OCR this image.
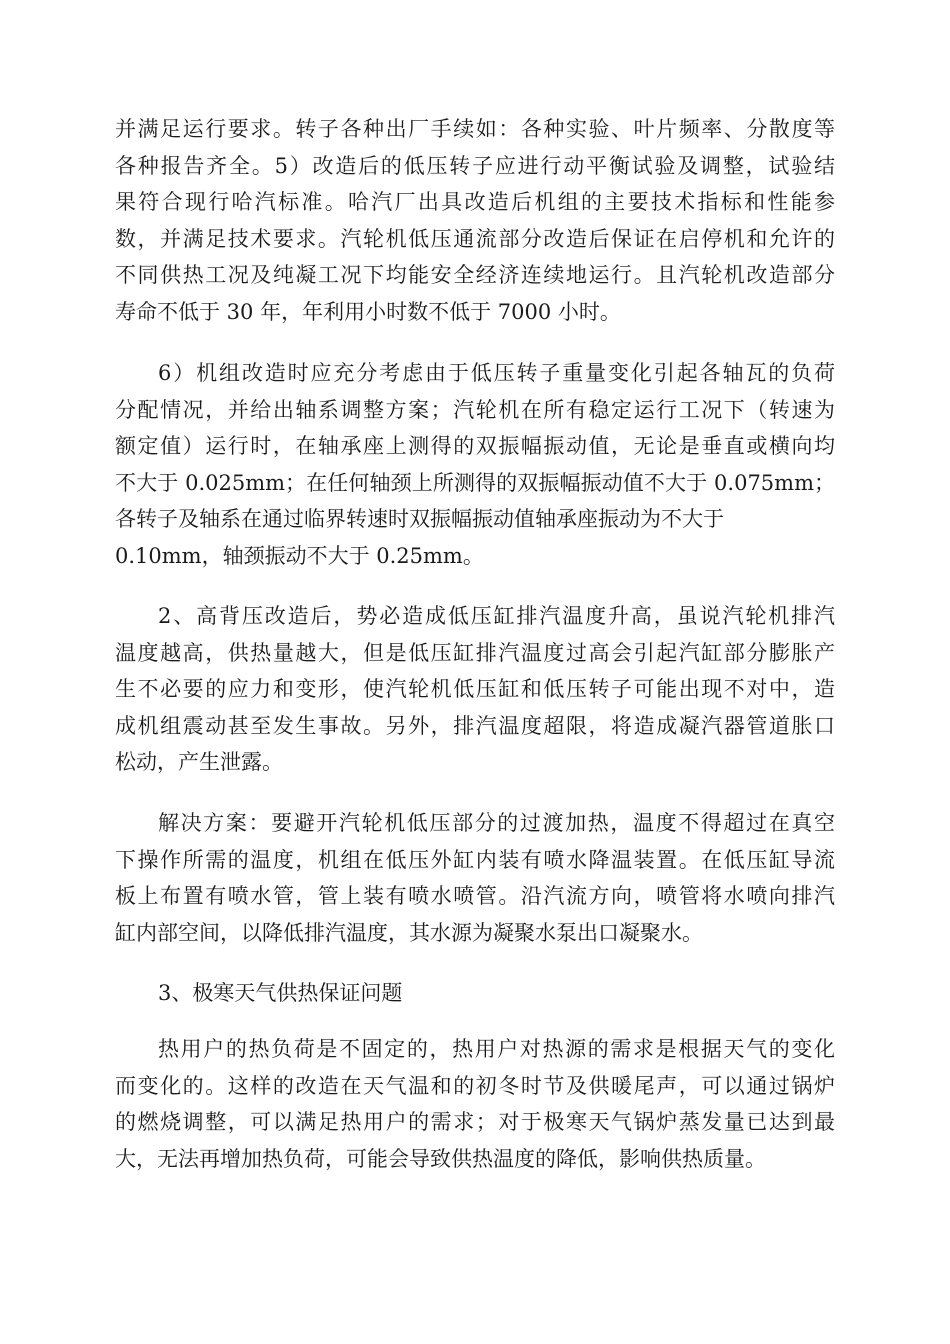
并满足运行要求。转子各种出厂手续如：各种实验、叶片频率、分散度等
各种报告齐全。5）改造后的低压转子应进行动平衡试验及调整，试验结
果符合现行哈汽标准。哈汽厂出具改造后机组的主要技术指标和性能参
数，并满足技术要求。汽轮机低压通流部分改造后保证在启停机和允许的
不同供热工况及纯凝工况下均能安全经济连续地运行。且汽轮机改造部分
寿命不低于 30 年，年利用小时数不低于 7000 小时。
6）机组改造时应充分考虑由于低压转子重量变化引起各轴瓦的负荷
分配情况，并给出轴系调整方案；汽轮机在所有稳定运行工况下（转速为
额定值）运行时，在轴承座上测得的双振幅振动值，无论是垂直或横向均
不大于 0.025mm；在任何轴颈上所测得的双振幅振动值不大于 0.075mm；
各转子及轴系在通过临界转速时双振幅振动值轴承座振动为不大于
0.10mm，轴颈振动不大于 0.25mm。
2、高背压改造后，势必造成低压缸排汽温度升高，虽说汽轮机排汽
温度越高，供热量越大，但是低压缸排汽温度过高会引起汽缸部分膨胀产
生不必要的应力和变形，使汽轮机低压缸和低压转子可能出现不对中，造
成机组震动甚至发生事故。另外，排汽温度超限，将造成凝汽器管道胀口
松动，产生泄露。
解决方案：要避开汽轮机低压部分的过渡加热，温度不得超过在真空
下操作所需的温度，机组在低压外缸内装有喷水降温装置。在低压缸导流
板上布置有喷水管，管上装有喷水喷管。沿汽流方向，喷管将水喷向排汽
缸内部空间，以降低排汽温度，其水源为凝聚水泵出口凝聚水。
3、极寒天气供热保证问题
热用户的热负荷是不固定的，热用户对热源的需求是根据天气的变化
而变化的。这样的改造在天气温和的初冬时节及供暖尾声，可以通过锅炉
的燃烧调整，可以满足热用户的需求；对于极寒天气锅炉蒸发量已达到最
大，无法再增加热负荷，可能会导致供热温度的降低，影响供热质量。
